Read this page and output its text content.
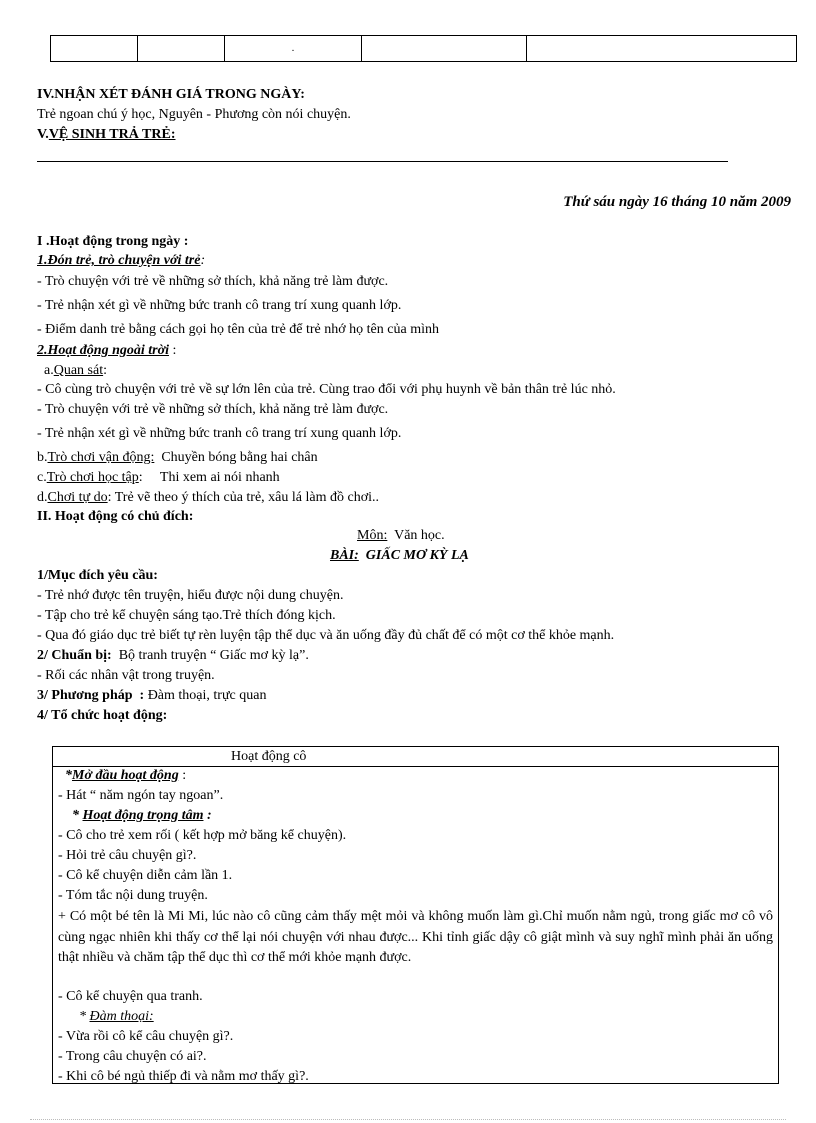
		.		
IV.NHẬN XÉT ĐÁNH GIÁ TRONG NGÀY:
Trẻ ngoan chú ý học, Nguyên - Phương còn nói chuyện.
V.VỆ SINH TRẢ TRẺ:
Thứ sáu ngày 16 tháng 10 năm 2009
I .Hoạt động trong ngày :
1.Đón trẻ, trò chuyện với trẻ:
- Trò chuyện với trẻ về những sở thích, khả năng trẻ làm được.
- Trẻ nhận xét gì về những bức tranh cô trang trí xung quanh lớp.
- Điểm danh trẻ bằng cách gọi họ tên của trẻ để trẻ nhớ họ tên của mình
2.Hoạt động ngoài trời :
a.Quan sát:
- Cô cùng trò chuyện với trẻ về sự lớn lên của trẻ. Cùng trao đổi với phụ huynh về bản thân trẻ lúc nhỏ.
- Trò chuyện với trẻ về những sở thích, khả năng trẻ làm được.
- Trẻ nhận xét gì về những bức tranh cô trang trí xung quanh lớp.
b.Trò chơi vận động:  Chuyền bóng bằng hai chân
c.Trò chơi học tập:     Thi xem ai nói nhanh
d.Chơi tự do: Trẻ vẽ theo ý thích của trẻ, xâu lá làm đồ chơi..
II. Hoạt động có chủ đích:
Môn:  Văn học.
BÀI:  GIẤC MƠ KỲ LẠ
1/Mục đích yêu cầu:
- Trẻ nhớ được tên truyện, hiểu được nội dung chuyện.
- Tập cho trẻ kể chuyện sáng tạo.Trẻ thích đóng kịch.
- Qua đó giáo dục trẻ biết tự rèn luyện tập thể dục và ăn uống đầy đủ chất để có một cơ thể khỏe mạnh.
2/ Chuẩn bị:  Bộ tranh truyện “ Giấc mơ kỳ lạ”.
- Rối các nhân vật trong truyện.
3/ Phương pháp  : Đàm thoại, trực quan
4/ Tổ chức hoạt động:
Hoạt động cô
*Mở đầu hoạt động :
- Hát “ năm ngón tay ngoan”.
* Hoạt động trọng tâm :
- Cô cho trẻ xem rối ( kết hợp mở băng kể chuyện).
- Hỏi trẻ câu chuyện gì?.
- Cô kể chuyện diễn cảm lần 1.
- Tóm tắc nội dung truyện.
+ Có một bé tên là Mi Mi, lúc nào cô cũng cảm thấy mệt mỏi và không muốn làm gì.Chỉ muốn nằm ngủ, trong giấc mơ cô vô cùng ngạc nhiên khi thấy cơ thể lại nói chuyện với nhau được... Khi tỉnh giấc dậy cô giật mình và suy nghĩ mình phải ăn uống thật nhiều và chăm tập thể dục thì cơ thể mới khỏe mạnh được.
- Cô kể chuyện qua tranh.
* Đàm thoại:
- Vừa rồi cô kể câu chuyện gì?.
- Trong câu chuyện có ai?.
- Khi cô bé ngủ thiếp đi và nằm mơ thấy gì?.
